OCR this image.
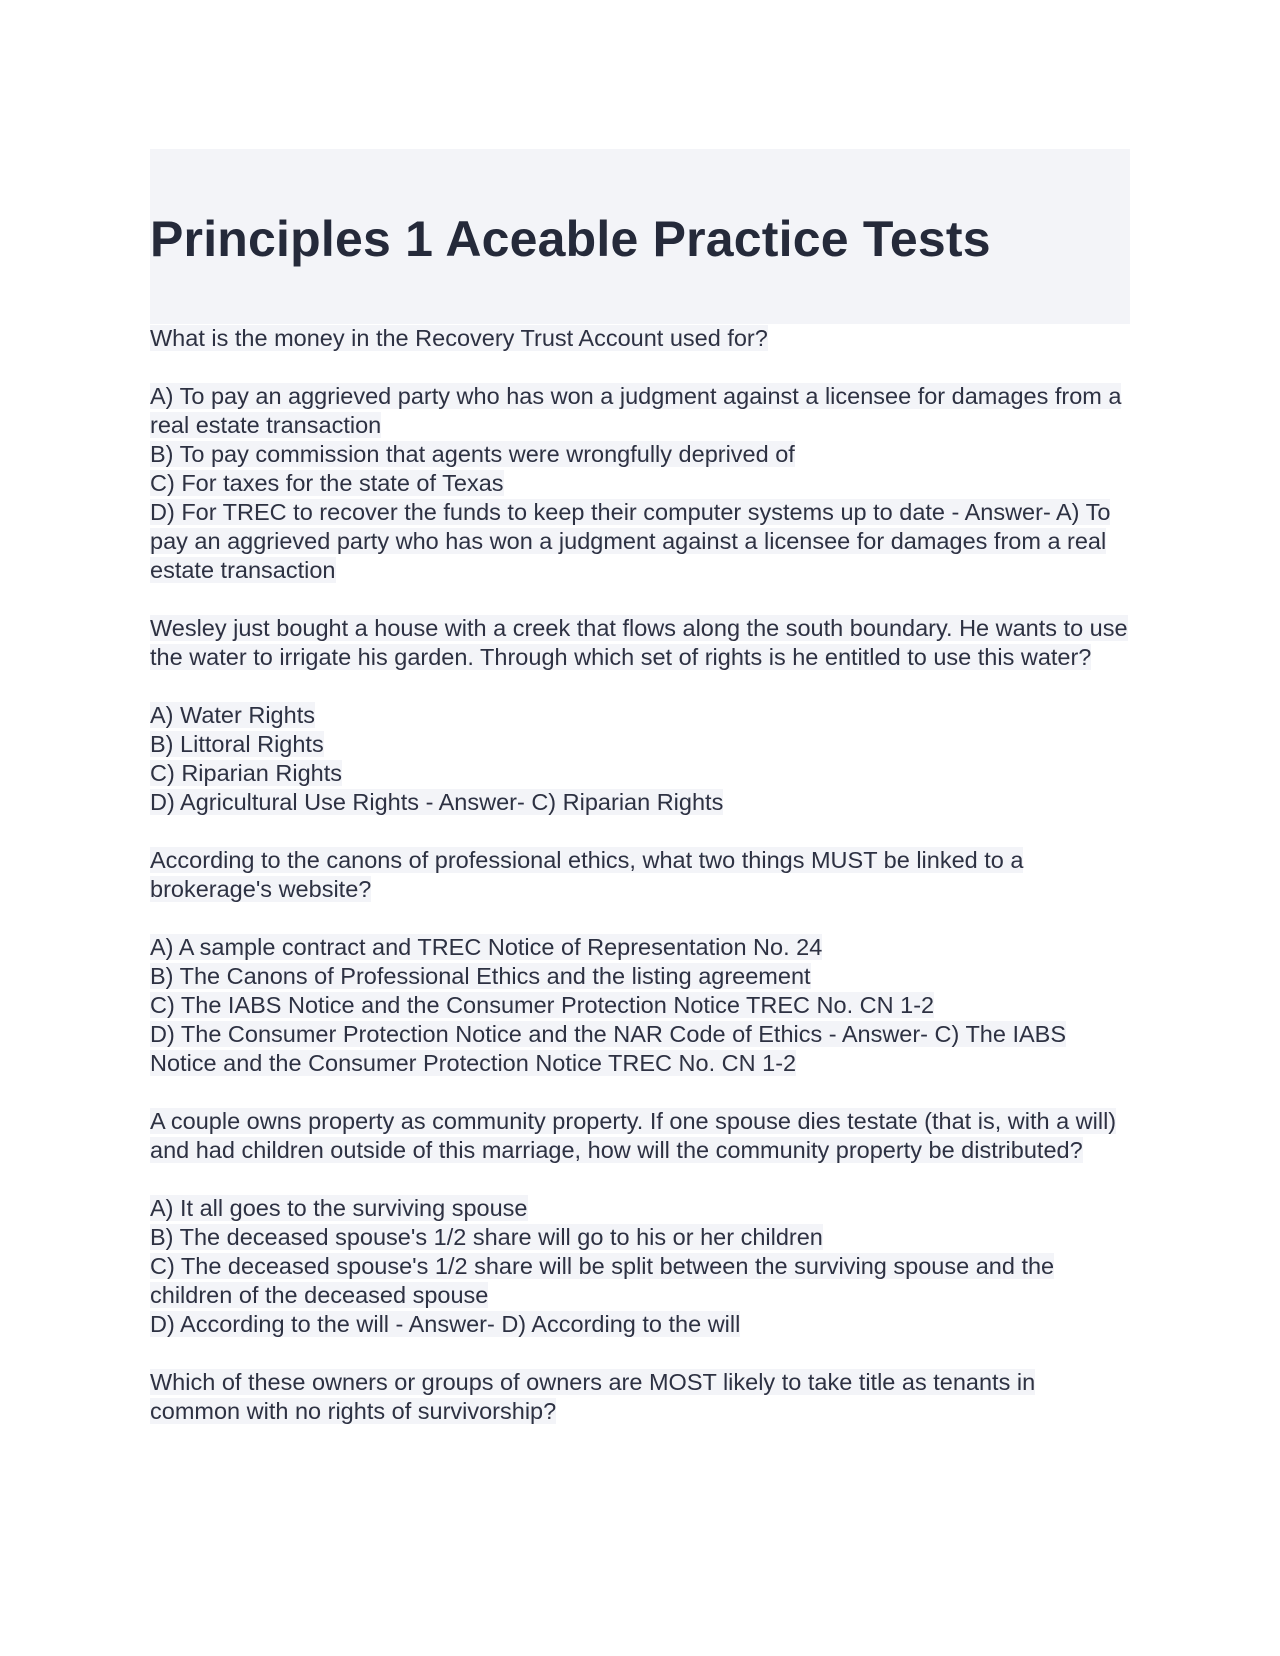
Principles 1 Aceable Practice Tests

What is the money in the Recovery Trust Account used for?

A) To pay an aggrieved party who has won a judgment against a licensee for damages from a real estate transaction

B) To pay commission that agents were wrongfully deprived of

C) For taxes for the state of Texas

D) For TREC to recover the funds to keep their computer systems up to date - Answer- A) To pay an aggrieved party who has won a judgment against a licensee for damages from a real estate transaction

Wesley just bought a house with a creek that flows along the south boundary. He wants to use the water to irrigate his garden. Through which set of rights is he entitled to use this water?

A) Water Rights

B) Littoral Rights

C) Riparian Rights

D) Agricultural Use Rights - Answer- C) Riparian Rights

According to the canons of professional ethics, what two things MUST be linked to a brokerage's website?

A) A sample contract and TREC Notice of Representation No. 24

B) The Canons of Professional Ethics and the listing agreement

C) The IABS Notice and the Consumer Protection Notice TREC No. CN 1-2

D) The Consumer Protection Notice and the NAR Code of Ethics - Answer- C) The IABS Notice and the Consumer Protection Notice TREC No. CN 1-2

A couple owns property as community property. If one spouse dies testate (that is, with a will) and had children outside of this marriage, how will the community property be distributed?

A) It all goes to the surviving spouse

B) The deceased spouse's 1/2 share will go to his or her children

C) The deceased spouse's 1/2 share will be split between the surviving spouse and the children of the deceased spouse

D) According to the will - Answer- D) According to the will

Which of these owners or groups of owners are MOST likely to take title as tenants in common with no rights of survivorship?
